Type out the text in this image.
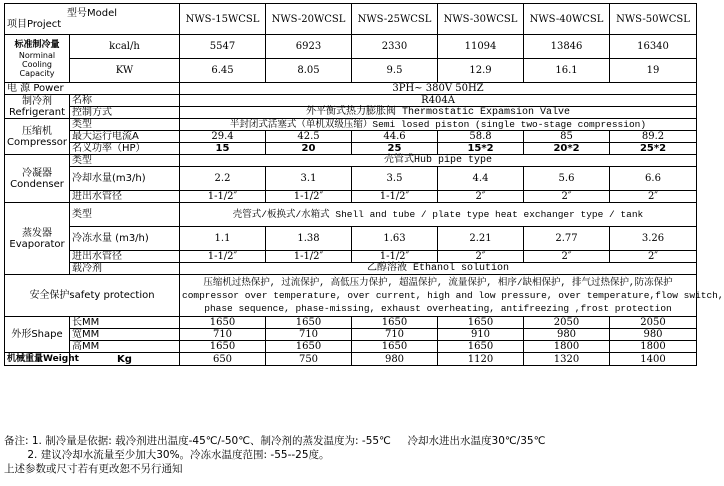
型号Model
项目Project		NWS-15WCSL	NWS-20WCSL	NWS-25WCSL	NWS-30WCSL	NWS-40WCSL	NWS-50WCSL

标准制冷量
Norminal Cooling Capacity	kcal/h	5547	6923	2330	11094	13846	16340
	KW	6.45	8.05	9.5	12.9	16.1	19
电 源 Power		3PH~ 380V 50HZ					

制冷剂
Refrigerant	名称	R404A					
	控制方式	外平衡式热力膨胀阀 Thermostatic Expamsion Valve					

压缩机
Compressor	类型	半封闭式活塞式（单机双级压缩）Semi losed piston (single two-stage compression)					
	最大运行电流A	29.4	42.5	44.6	58.8	85	89.2
	名义功率（HP）	15	20	25	15*2	20*2	25*2

冷凝器
Condenser	类型	壳管式Hub pipe type					
	冷却水量(m3/h)	2.2	3.1	3.5	4.4	5.6	6.6
	进出水管径	1-1/2″	1-1/2″	1-1/2″	2″	2″	2″

蒸发器
Evaporator	类型	壳管式/板换式/水箱式 Shell and tube / plate type heat exchanger type / tank					
	冷冻水量 (m3/h)	1.1	1.38	1.63	2.21	2.77	3.26
	进出水管径	1-1/2″	1-1/2″	1-1/2″	2″	2″	2″
	载冷剂	乙醇溶液 Ethanol solution					
安全保护safety protection		压缩机过热保护, 过流保护, 高低压力保护, 超温保护, 流量保护, 相序/缺相保护, 排气过热保护,防冻保护
compressor over temperature, over current, high and low pressure, over temperature,flow switch,
phase sequence, phase-missing, exhaust overheating, antifreezing ,frost protection					

外形Shape	长MM	1650	1650	1650	1650	2050	2050
	宽MM	710	710	710	910	980	980
	高MM	1650	1650	1650	1650	1800	1800
机械重量Weight	Kg	650	750	980	1120	1320	1400
备注: 1. 制冷量是依据: 载冷剂进出温度-45℃/-50℃、制冷剂的蒸发温度为: -55℃     冷却水进出水温度30℃/35℃
2. 建议冷却水流量至少加大30%。冷冻水温度范围: -55--25度。
上述参数或尺寸若有更改恕不另行通知
